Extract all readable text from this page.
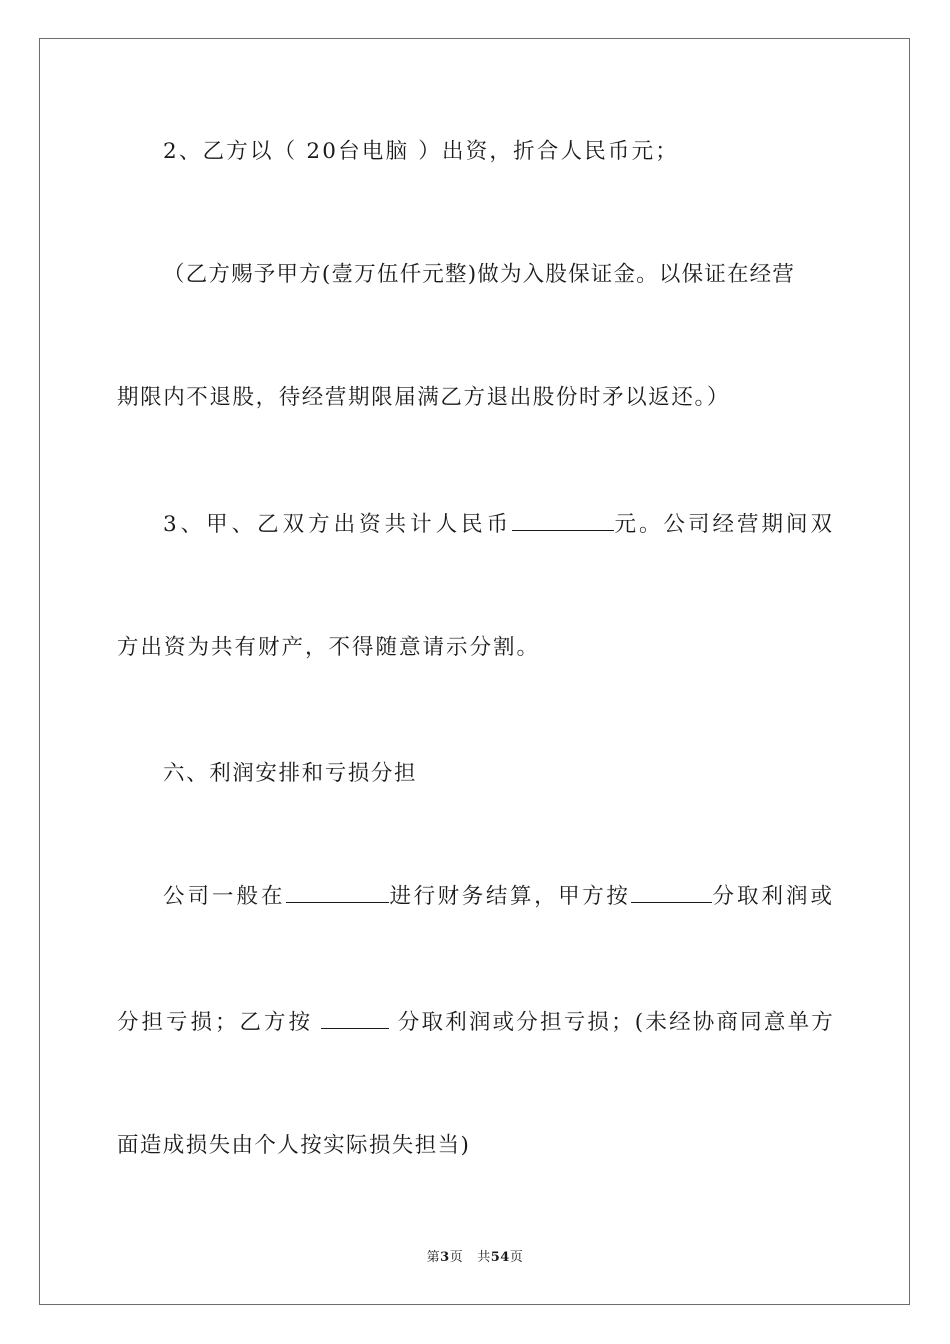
2、乙方以（ 20台电脑 ）出资，折合人民币元；
（乙方赐予甲方(壹万伍仟元整)做为入股保证金。以保证在经营
期限内不退股，待经营期限届满乙方退出股份时矛以返还。）
3、甲、乙双方出资共计人民币	元。公司经营期间双
方出资为共有财产，不得随意请示分割。
六、利润安排和亏损分担
公司一般在	进行财务结算，甲方按	分取利润或
分担亏损；乙方按	分取利润或分担亏损；(未经协商同意单方
面造成损失由个人按实际损失担当)
第3页 共54页
